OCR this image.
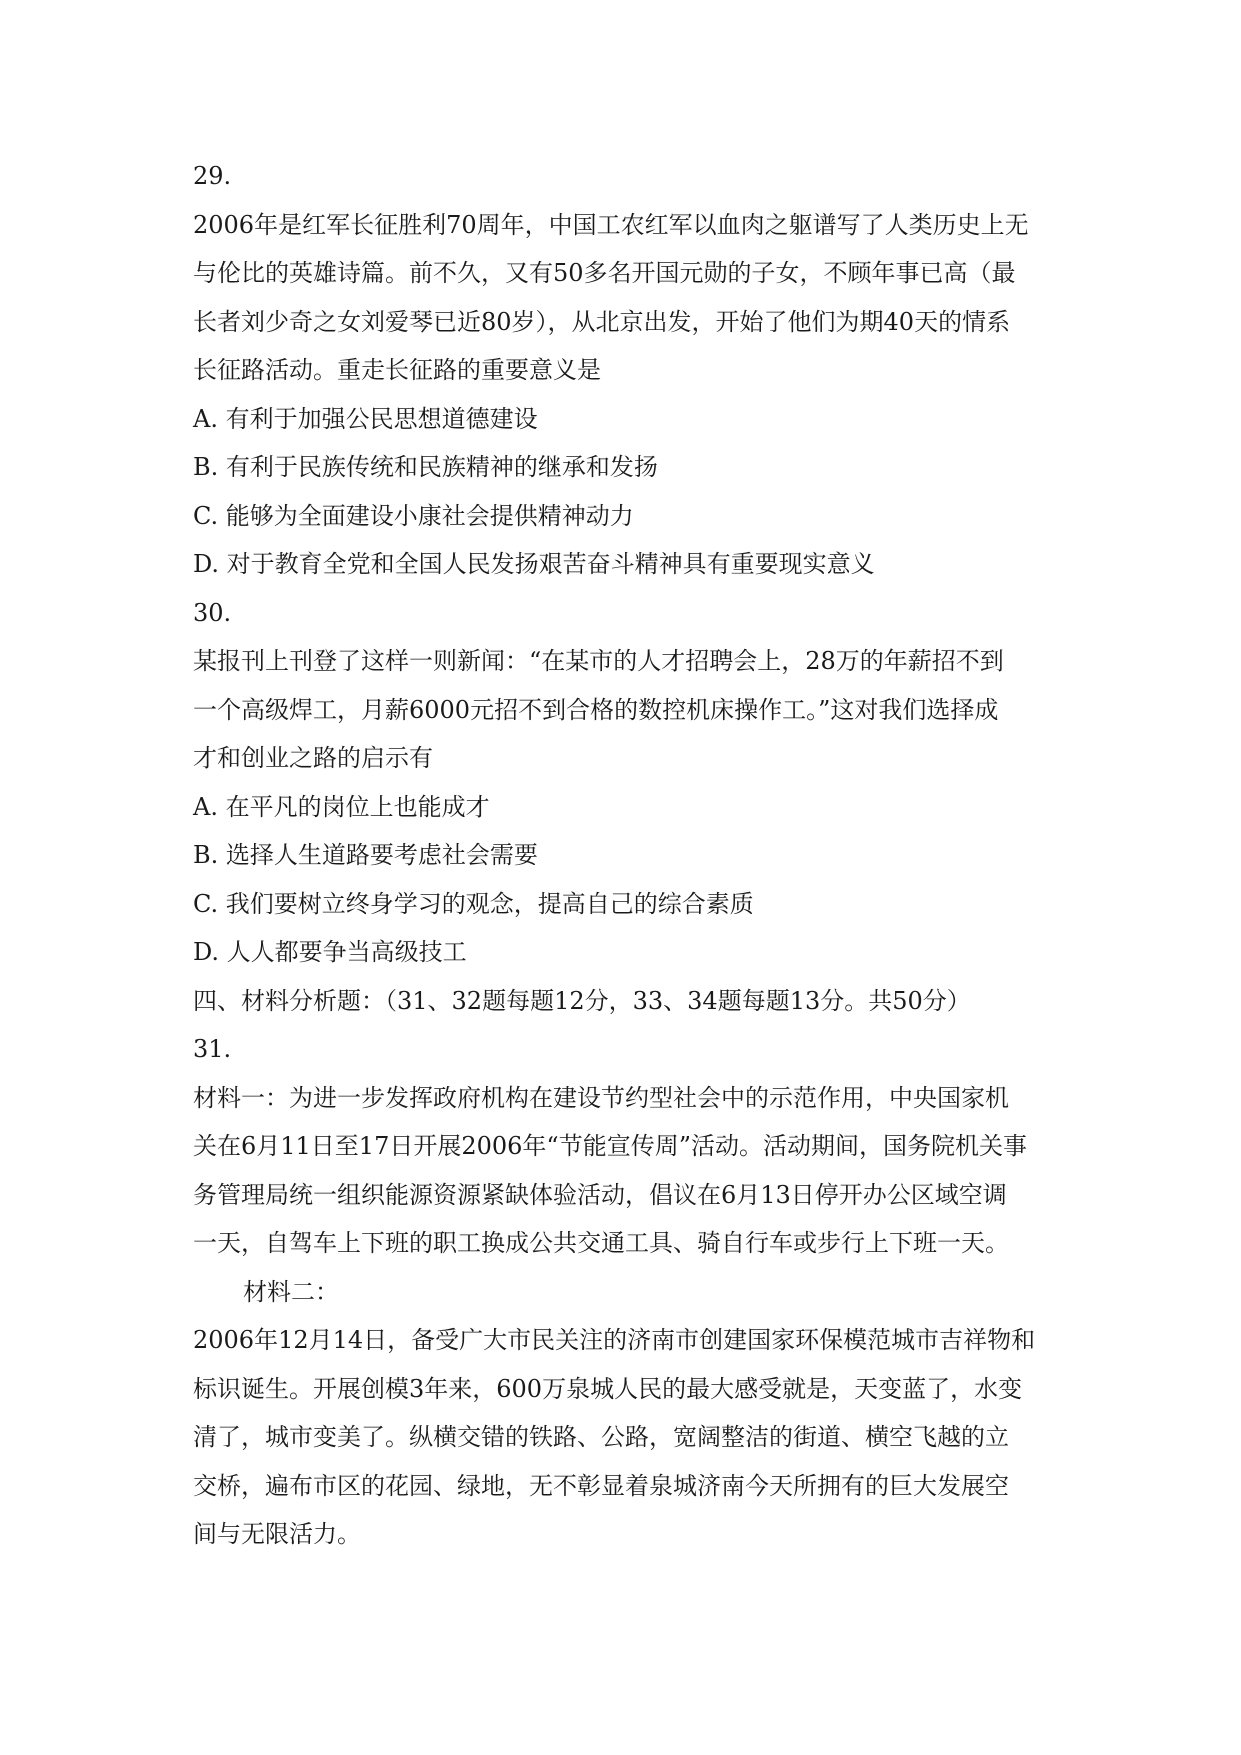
29.
2006年是红军长征胜利70周年，中国工农红军以血肉之躯谱写了人类历史上无
与伦比的英雄诗篇。前不久，又有50多名开国元勋的子女，不顾年事已高（最
长者刘少奇之女刘爱琴已近80岁），从北京出发，开始了他们为期40天的情系
长征路活动。重走长征路的重要意义是
A. 有利于加强公民思想道德建设
B. 有利于民族传统和民族精神的继承和发扬
C. 能够为全面建设小康社会提供精神动力
D. 对于教育全党和全国人民发扬艰苦奋斗精神具有重要现实意义
30.
某报刊上刊登了这样一则新闻：“在某市的人才招聘会上，28万的年薪招不到
一个高级焊工，月薪6000元招不到合格的数控机床操作工。”这对我们选择成
才和创业之路的启示有
A. 在平凡的岗位上也能成才
B. 选择人生道路要考虑社会需要
C. 我们要树立终身学习的观念，提高自己的综合素质
D. 人人都要争当高级技工
四、材料分析题：（31、32题每题12分，33、34题每题13分。共50分）
31.
材料一：为进一步发挥政府机构在建设节约型社会中的示范作用，中央国家机
关在6月11日至17日开展2006年“节能宣传周”活动。活动期间，国务院机关事
务管理局统一组织能源资源紧缺体验活动，倡议在6月13日停开办公区域空调
一天，自驾车上下班的职工换成公共交通工具、骑自行车或步行上下班一天。
材料二：
2006年12月14日，备受广大市民关注的济南市创建国家环保模范城市吉祥物和
标识诞生。开展创模3年来，600万泉城人民的最大感受就是，天变蓝了，水变
清了，城市变美了。纵横交错的铁路、公路，宽阔整洁的街道、横空飞越的立
交桥，遍布市区的花园、绿地，无不彰显着泉城济南今天所拥有的巨大发展空
间与无限活力。
